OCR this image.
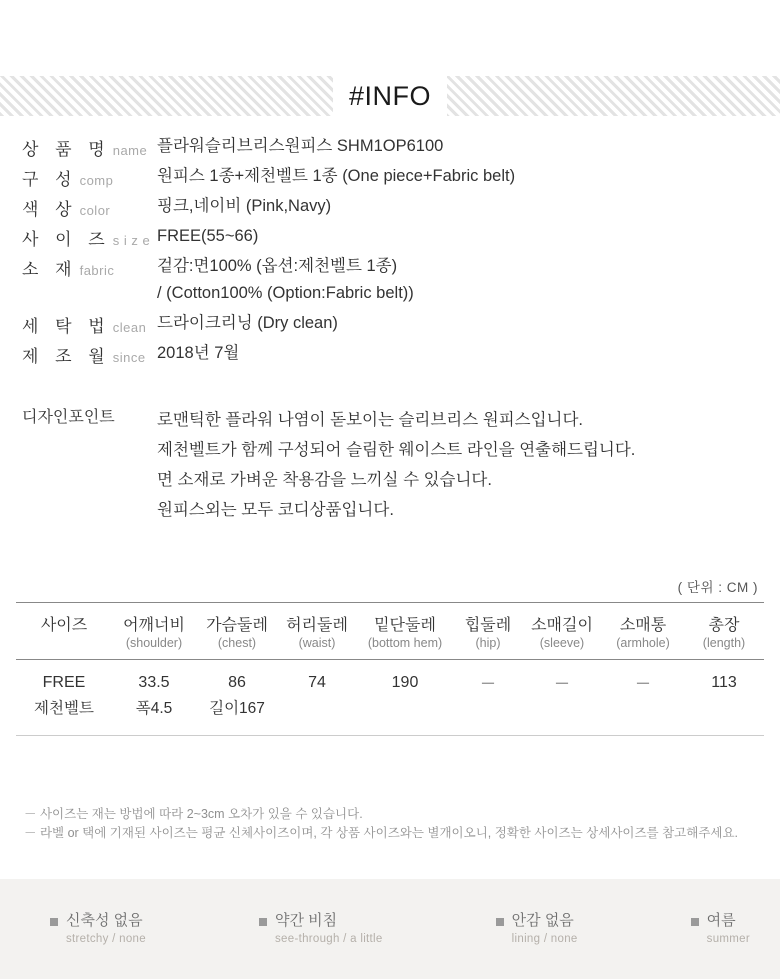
#INFO
상 품 명 name 플라워슬리브리스원피스 SHM1OP6100
구 성 comp	원피스 1종+제천벨트 1종 (One piece+Fabric belt)
색 상 color	핑크,네이비 (Pink,Navy)
사 이 즈 s i z e FREE(55~66)
소 재 fabric	겉감:면100% (옵션:제천벨트 1종)
/ (Cotton100% (Option:Fabric belt))
세 탁 법 clean 드라이크리닝 (Dry clean)
제 조 월 since 2018년 7월
디자인포인트	로맨틱한 플라워 나염이 돋보이는 슬리브리스 원피스입니다.
제천벨트가 함께 구성되어 슬림한 웨이스트 라인을 연출해드립니다.
면 소재로 가벼운 착용감을 느끼실 수 있습니다.
원피스외는 모두 코디상품입니다.
( 단위 : CM )
사이즈	어깨너비	가슴둘레	허리둘레	밑단둘레	힙둘레	소매길이	소매통	총장
	(shoulder)	(chest)	(waist)	(bottom hem)	(hip)	(sleeve)	(armhole)	(length)
FREE	33.5	86	74	190	－	－	－	113
제천벨트	폭4.5	길이167						
－ 사이즈는 재는 방법에 따라 2~3cm 오차가 있을 수 있습니다.
－ 라벨 or 택에 기재된 사이즈는 평균 신체사이즈이며, 각 상품 사이즈와는 별개이오니, 정확한 사이즈는 상세사이즈를 참고해주세요.
신축성 없음
stretchy / none
약간 비침
see-through / a little
안감 없음
lining / none
여름
summer
